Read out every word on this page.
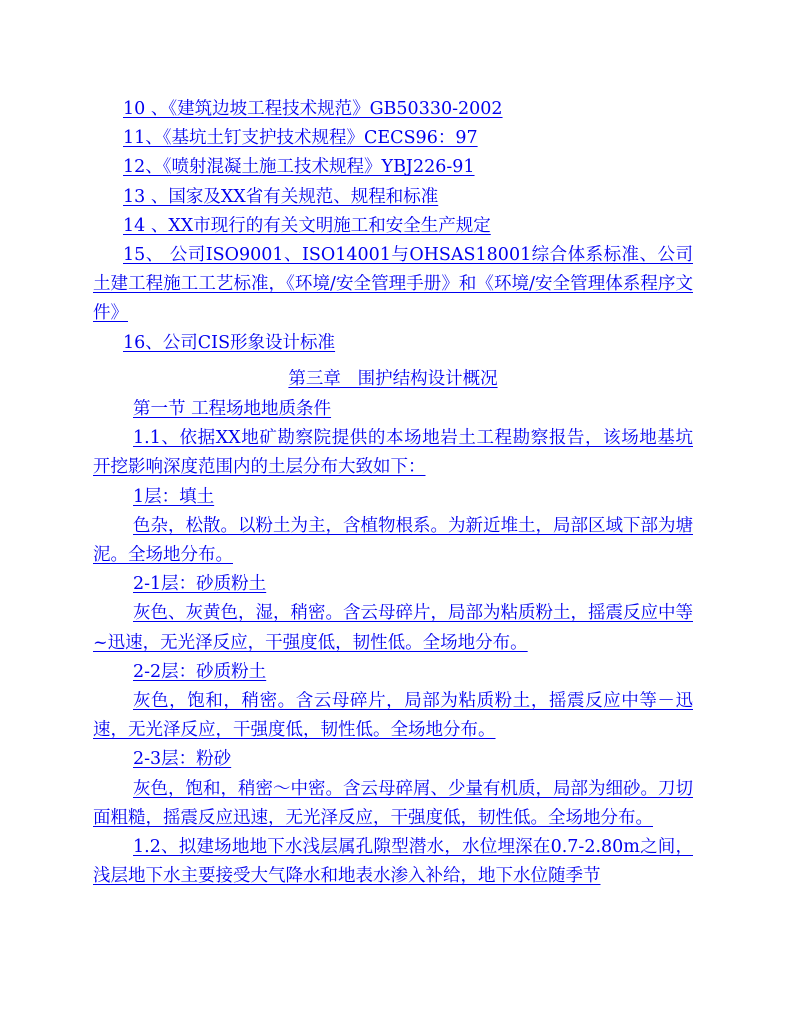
10 、《建筑边坡工程技术规范》GB50330-2002

11、《基坑土钉支护技术规程》CECS96：97

12、《喷射混凝土施工技术规程》YBJ226-91

13 、国家及XX省有关规范、规程和标准

14 、XX市现行的有关文明施工和安全生产规定

15、 公司ISO9001、ISO14001与OHSAS18001综合体系标准、公司土建工程施工工艺标准，《环境/安全管理手册》和《环境/安全管理体系程序文件》

16、公司CIS形象设计标准

第三章   围护结构设计概况

第一节 工程场地地质条件

1.1、依据XX地矿勘察院提供的本场地岩土工程勘察报告，该场地基坑开挖影响深度范围内的土层分布大致如下：

1层：填土

色杂，松散。以粉土为主，含植物根系。为新近堆土，局部区域下部为塘泥。全场地分布。

2-1层：砂质粉土

灰色、灰黄色，湿，稍密。含云母碎片，局部为粘质粉土，摇震反应中等~迅速，无光泽反应，干强度低，韧性低。全场地分布。

2-2层：砂质粉土

灰色，饱和，稍密。含云母碎片，局部为粘质粉土，摇震反应中等－迅速，无光泽反应，干强度低，韧性低。全场地分布。

2-3层：粉砂

灰色，饱和，稍密～中密。含云母碎屑、少量有机质，局部为细砂。刀切面粗糙，摇震反应迅速，无光泽反应，干强度低，韧性低。全场地分布。

1.2、拟建场地地下水浅层属孔隙型潜水，水位埋深在0.7-2.80m之间，浅层地下水主要接受大气降水和地表水渗入补给，地下水位随季节
